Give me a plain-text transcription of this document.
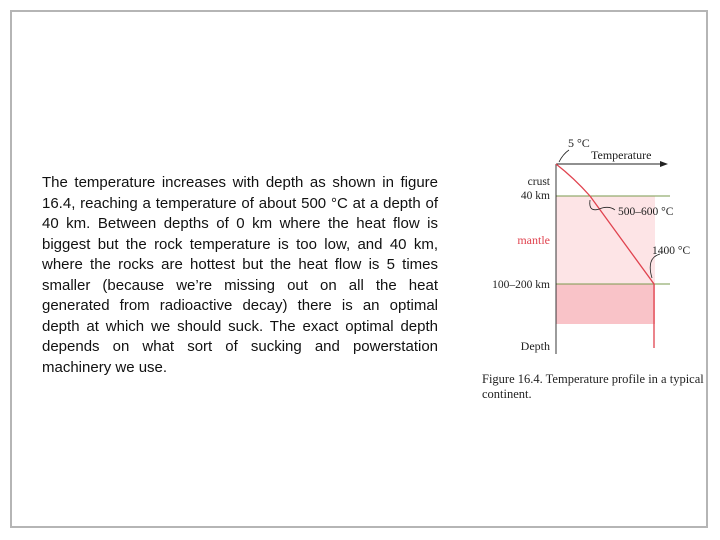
The temperature increases with depth as shown in figure 16.4, reaching a temperature of about 500 °C at a depth of 40 km. Between depths of 0 km where the heat flow is biggest but the rock temperature is too low, and 40 km, where the rocks are hottest but the heat flow is 5 times smaller (because we’re missing out on all the heat generated from radioactive decay) there is an optimal depth at which we should suck. The exact optimal depth depends on what sort of sucking and powerstation machinery we use.

5 °C
Temperature
crust
40 km
mantle
100–200 km
Depth
500–600 °C
1400 °C
Figure 16.4. Temperature profile in a typical continent.
